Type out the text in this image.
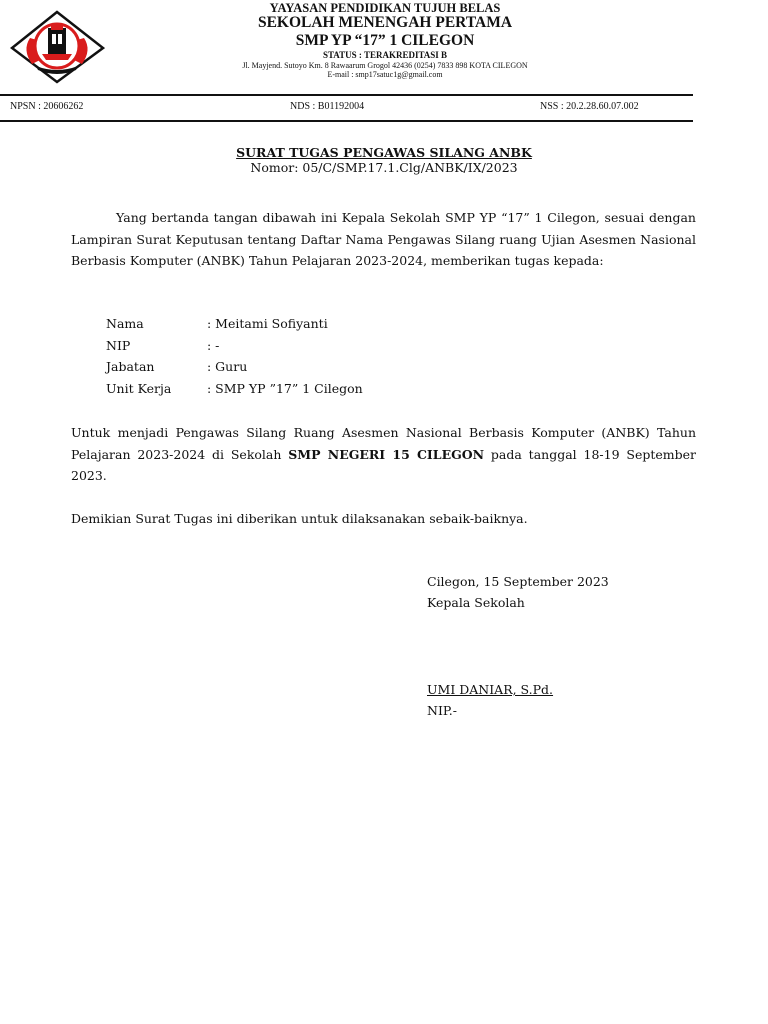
YAYASAN PENDIDIKAN TUJUH BELAS
SEKOLAH MENENGAH PERTAMA
SMP YP “17” 1 CILEGON
STATUS : TERAKREDITASI B
Jl. Mayjend. Sutoyo Km. 8 Rawaarum Grogol 42436 (0254) 7833 898 KOTA CILEGON
E-mail : smp17satuc1g@gmail.com
NPSN : 20606262	NDS : B01192004	NSS : 20.2.28.60.07.002
SURAT TUGAS PENGAWAS SILANG ANBK
Nomor: 05/C/SMP.17.1.Clg/ANBK/IX/2023

Yang bertanda tangan dibawah ini Kepala Sekolah SMP YP “17” 1 Cilegon, sesuai dengan Lampiran Surat Keputusan tentang Daftar Nama Pengawas Silang ruang Ujian Asesmen Nasional Berbasis Komputer (ANBK) Tahun Pelajaran 2023-2024, memberikan tugas kepada:

Nama	: Meitami Sofiyanti
NIP	: -
Jabatan	: Guru
Unit Kerja	: SMP YP ”17” 1 Cilegon

Untuk menjadi Pengawas Silang Ruang Asesmen Nasional Berbasis Komputer (ANBK) Tahun Pelajaran 2023-2024 di Sekolah SMP NEGERI 15 CILEGON pada tanggal 18-19 September 2023.

Demikian Surat Tugas ini diberikan untuk dilaksanakan sebaik-baiknya.

Cilegon, 15 September 2023
Kepala Sekolah
UMI DANIAR, S.Pd.
NIP.-
